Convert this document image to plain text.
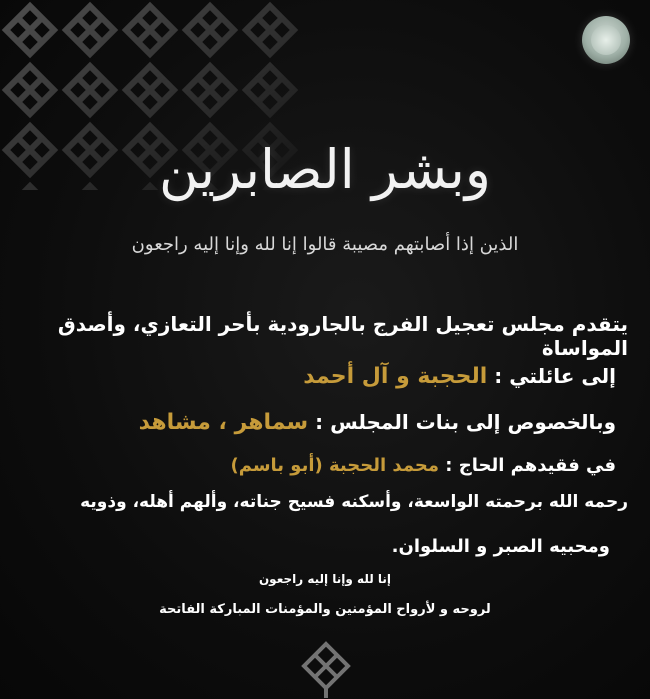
وبشر الصابرين
الذين إذا أصابتهم مصيبة قالوا إنا لله وإنا إليه راجعون
يتقدم مجلس تعجيل الفرج بالجارودية بأحر التعازي، وأصدق المواساة
إلى عائلتي : الحجبة و آل أحمد
وبالخصوص إلى بنات المجلس : سماهر ، مشاهد
في فقيدهم الحاج : محمد الحجبة (أبو باسم)
رحمه الله برحمته الواسعة، وأسكنه فسيح جناته، وألهم أهله، وذويه
ومحبيه الصبر و السلوان.
إنا لله وإنا إليه راجعون
لروحه و لأرواح المؤمنين والمؤمنات المباركة الفاتحة
